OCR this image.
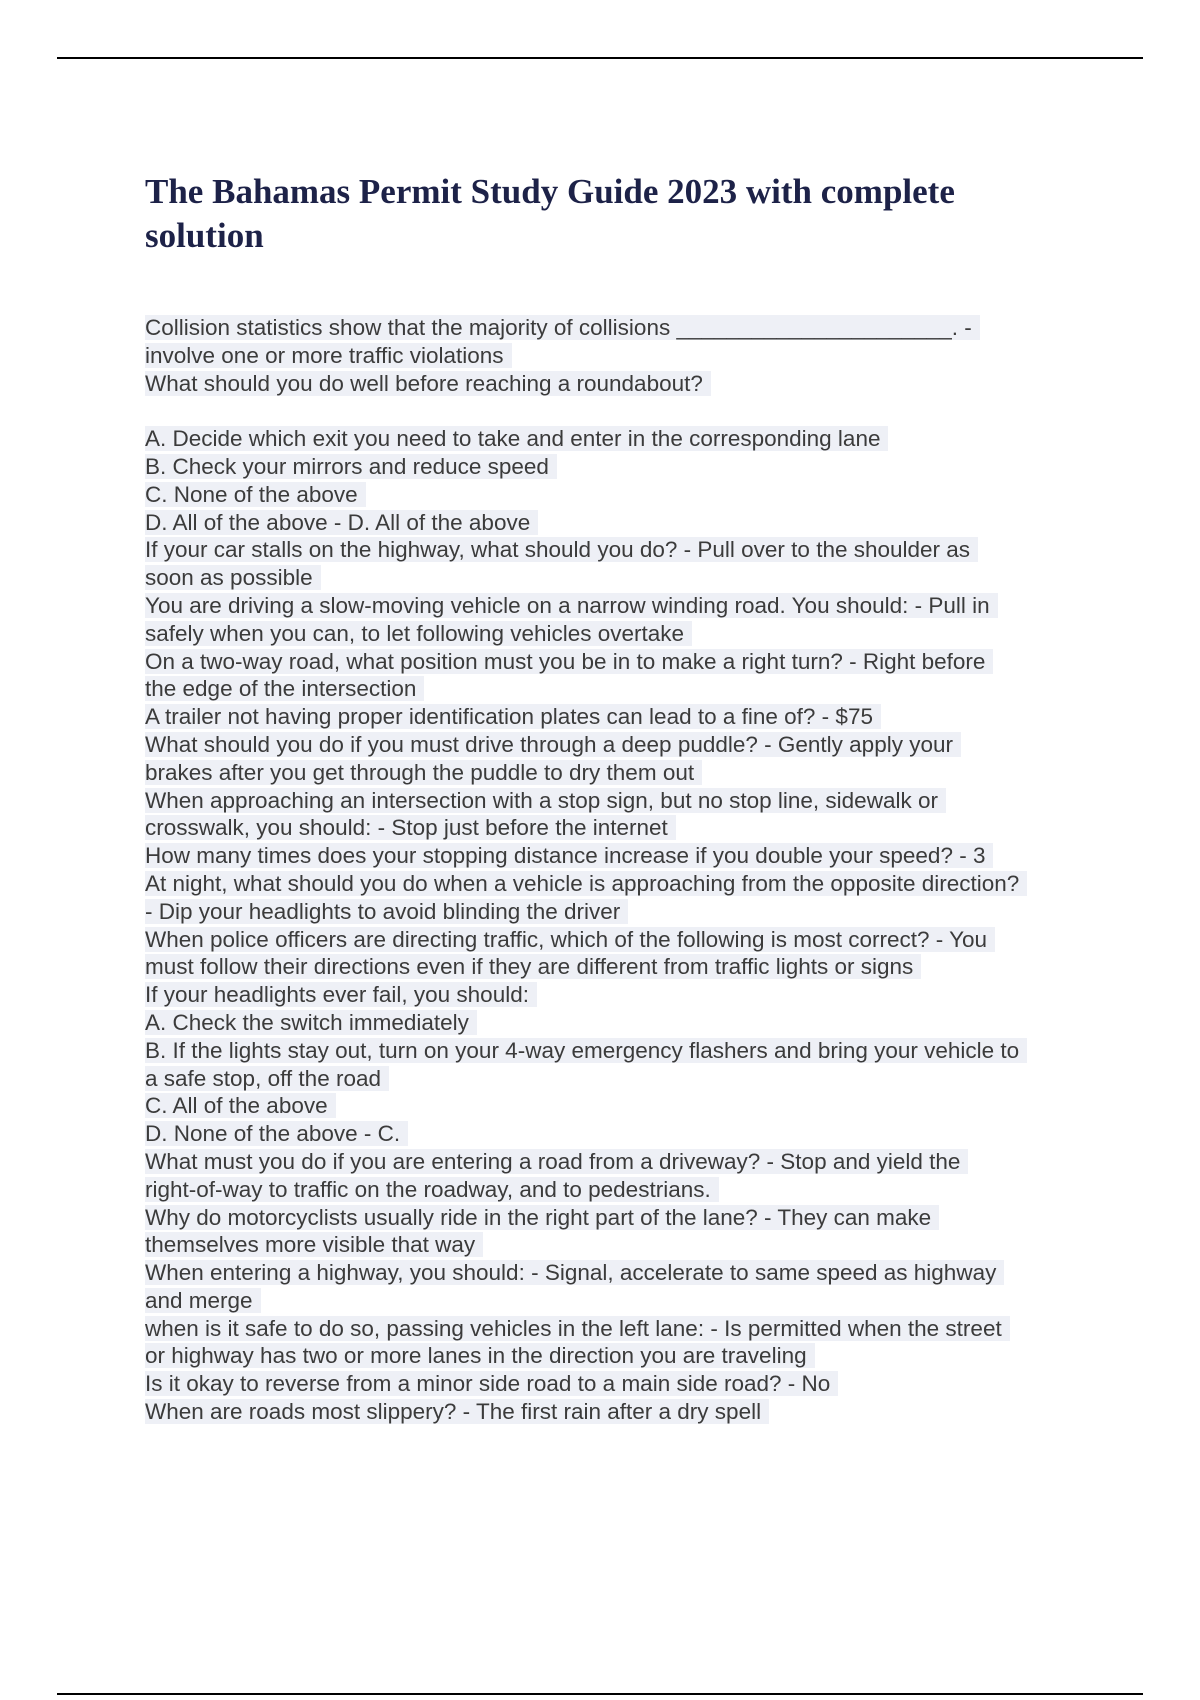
The Bahamas Permit Study Guide 2023 with complete
solution
Collision statistics show that the majority of collisions ______________________. -
involve one or more traffic violations
What should you do well before reaching a roundabout?
A. Decide which exit you need to take and enter in the corresponding lane
B. Check your mirrors and reduce speed
C. None of the above
D. All of the above - D. All of the above
If your car stalls on the highway, what should you do? - Pull over to the shoulder as
soon as possible
You are driving a slow-moving vehicle on a narrow winding road. You should: - Pull in
safely when you can, to let following vehicles overtake
On a two-way road, what position must you be in to make a right turn? - Right before
the edge of the intersection
A trailer not having proper identification plates can lead to a fine of? - $75
What should you do if you must drive through a deep puddle? - Gently apply your
brakes after you get through the puddle to dry them out
When approaching an intersection with a stop sign, but no stop line, sidewalk or
crosswalk, you should: - Stop just before the internet
How many times does your stopping distance increase if you double your speed? - 3
At night, what should you do when a vehicle is approaching from the opposite direction?
- Dip your headlights to avoid blinding the driver
When police officers are directing traffic, which of the following is most correct? - You
must follow their directions even if they are different from traffic lights or signs
If your headlights ever fail, you should:
A. Check the switch immediately
B. If the lights stay out, turn on your 4-way emergency flashers and bring your vehicle to
a safe stop, off the road
C. All of the above
D. None of the above - C.
What must you do if you are entering a road from a driveway? - Stop and yield the
right-of-way to traffic on the roadway, and to pedestrians.
Why do motorcyclists usually ride in the right part of the lane? - They can make
themselves more visible that way
When entering a highway, you should: - Signal, accelerate to same speed as highway
and merge
when is it safe to do so, passing vehicles in the left lane: - Is permitted when the street
or highway has two or more lanes in the direction you are traveling
Is it okay to reverse from a minor side road to a main side road? - No
When are roads most slippery? - The first rain after a dry spell
